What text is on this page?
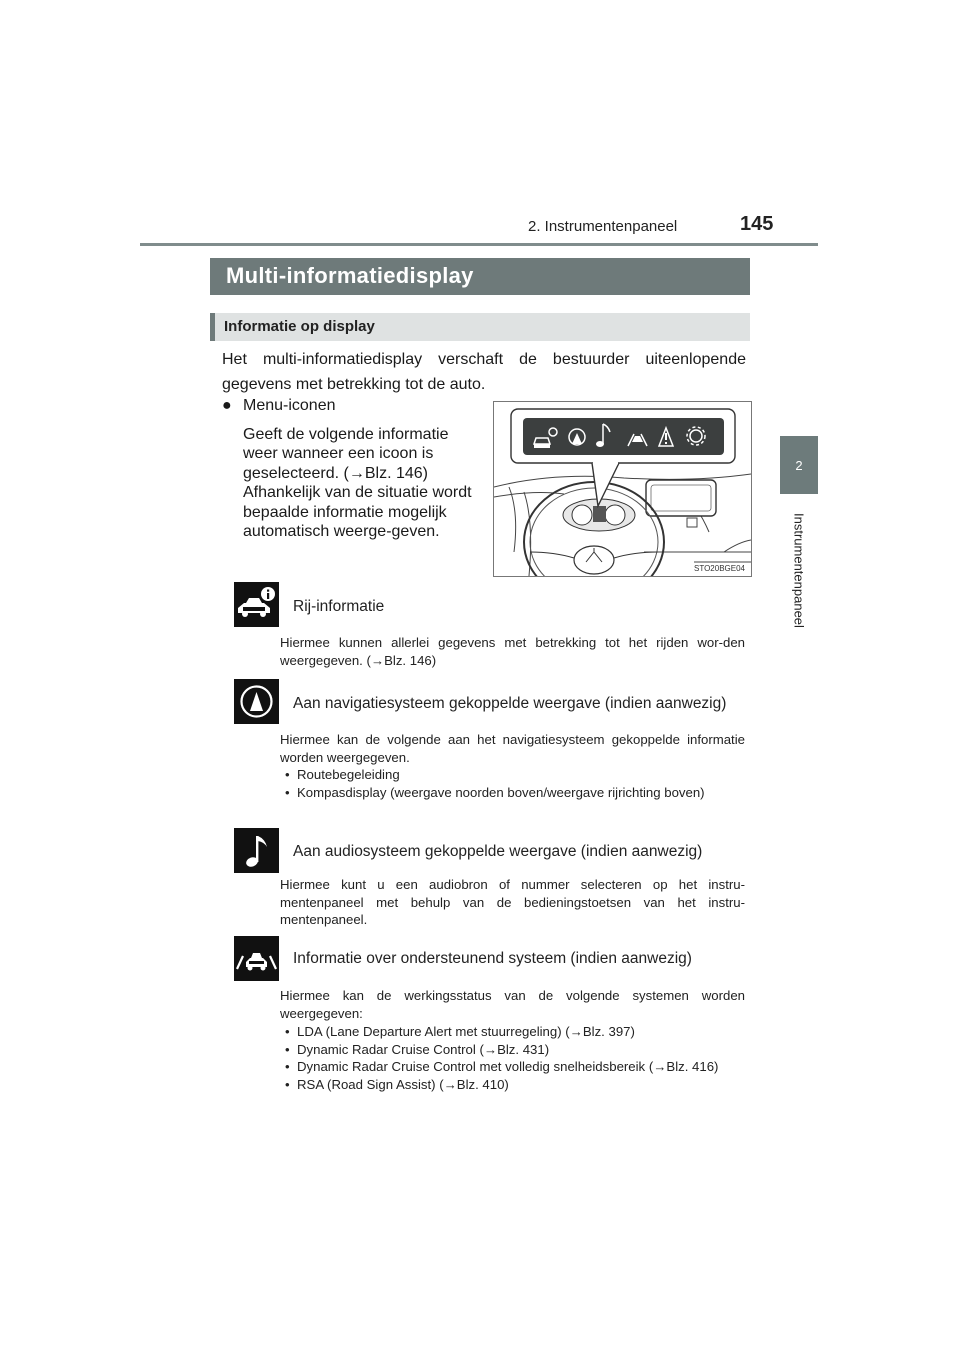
2. Instrumentenpaneel	145
2
Instrumentenpaneel
Multi-informatiedisplay
Informatie op display
Het multi-informatiedisplay verschaft de bestuurder uiteenlopende gegevens met betrekking tot de auto.
● Menu-iconen
Geeft de volgende informatie weer wanneer een icoon is geselecteerd. (→Blz. 146) Afhankelijk van de situatie wordt bepaalde informatie mogelijk automatisch weerge-geven.
STO20BGE04
Rij-informatie
Hiermee kunnen allerlei gegevens met betrekking tot het rijden wor-den weergegeven. (→Blz. 146)
Aan navigatiesysteem gekoppelde weergave (indien aanwezig)
Hiermee kan de volgende aan het navigatiesysteem gekoppelde informatie worden weergegeven.
• Routebegeleiding
• Kompasdisplay (weergave noorden boven/weergave rijrichting boven)
Aan audiosysteem gekoppelde weergave (indien aanwezig)
Hiermee kunt u een audiobron of nummer selecteren op het instru-mentenpaneel met behulp van de bedieningstoetsen van het instru-mentenpaneel.
Informatie over ondersteunend systeem (indien aanwezig)
Hiermee kan de werkingsstatus van de volgende systemen worden weergegeven:
• LDA (Lane Departure Alert met stuurregeling) (→Blz. 397)
• Dynamic Radar Cruise Control (→Blz. 431)
• Dynamic Radar Cruise Control met volledig snelheidsbereik (→Blz. 416)
• RSA (Road Sign Assist) (→Blz. 410)
